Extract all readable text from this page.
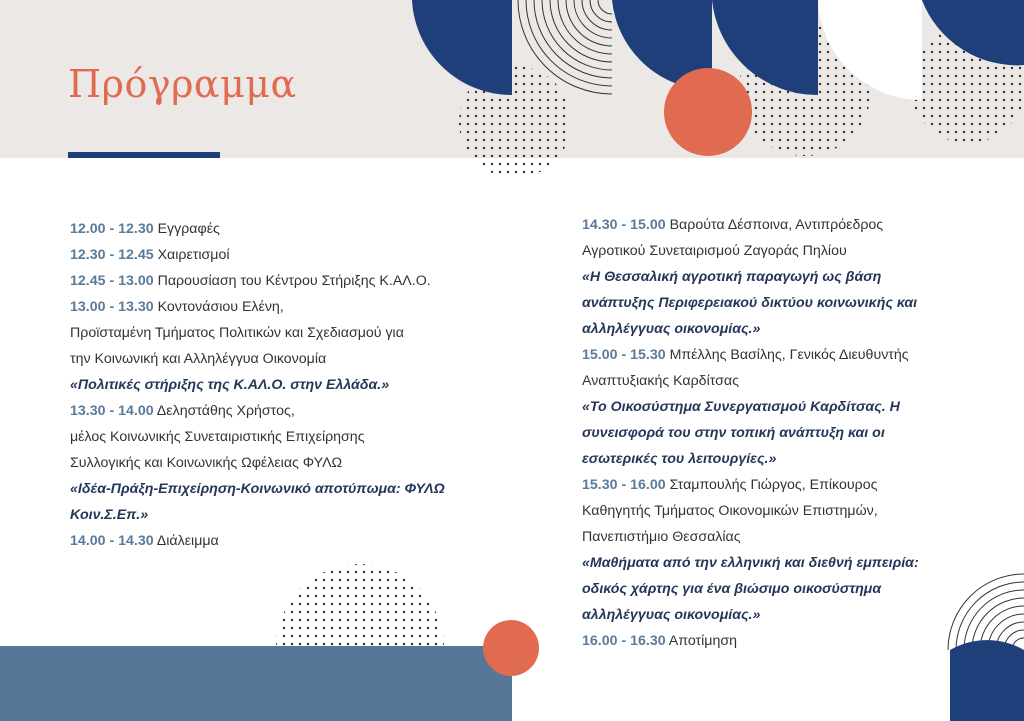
Πρόγραμμα
12.00 - 12.30 Εγγραφές
12.30 - 12.45 Χαιρετισμοί
12.45 - 13.00 Παρουσίαση του Κέντρου Στήριξης Κ.ΑΛ.Ο.
13.00 - 13.30 Κοντονάσιου Ελένη,
Προϊσταμένη Τμήματος Πολιτικών και Σχεδιασμού για
την Κοινωνική και Αλληλέγγυα Οικονομία
«Πολιτικές στήριξης της Κ.ΑΛ.Ο. στην Ελλάδα.»
13.30 - 14.00 Δεληστάθης Χρήστος,
μέλος Κοινωνικής Συνεταιριστικής Επιχείρησης
Συλλογικής και Κοινωνικής Ωφέλειας ΦΥΛΩ
«Ιδέα-Πράξη-Επιχείρηση-Κοινωνικό αποτύπωμα: ΦΥΛΩ
Κοιν.Σ.Επ.»
14.00 - 14.30 Διάλειμμα
14.30 - 15.00 Βαρούτα Δέσποινα, Αντιπρόεδρος
Αγροτικού Συνεταιρισμού Ζαγοράς Πηλίου
«Η Θεσσαλική αγροτική παραγωγή ως βάση
ανάπτυξης Περιφερειακού δικτύου κοινωνικής και
αλληλέγγυας οικονομίας.»
15.00 - 15.30 Μπέλλης Βασίλης, Γενικός Διευθυντής
Αναπτυξιακής Καρδίτσας
«Το Οικοσύστημα Συνεργατισμού Καρδίτσας. Η
συνεισφορά του στην τοπική ανάπτυξη και οι
εσωτερικές του λειτουργίες.»
15.30 - 16.00 Σταμπουλής Γιώργος, Επίκουρος
Καθηγητής Τμήματος Οικονομικών Επιστημών,
Πανεπιστήμιο Θεσσαλίας
«Μαθήματα από την ελληνική και διεθνή εμπειρία:
οδικός χάρτης για ένα βιώσιμο οικοσύστημα
αλληλέγγυας οικονομίας.»
16.00 - 16.30 Αποτίμηση
